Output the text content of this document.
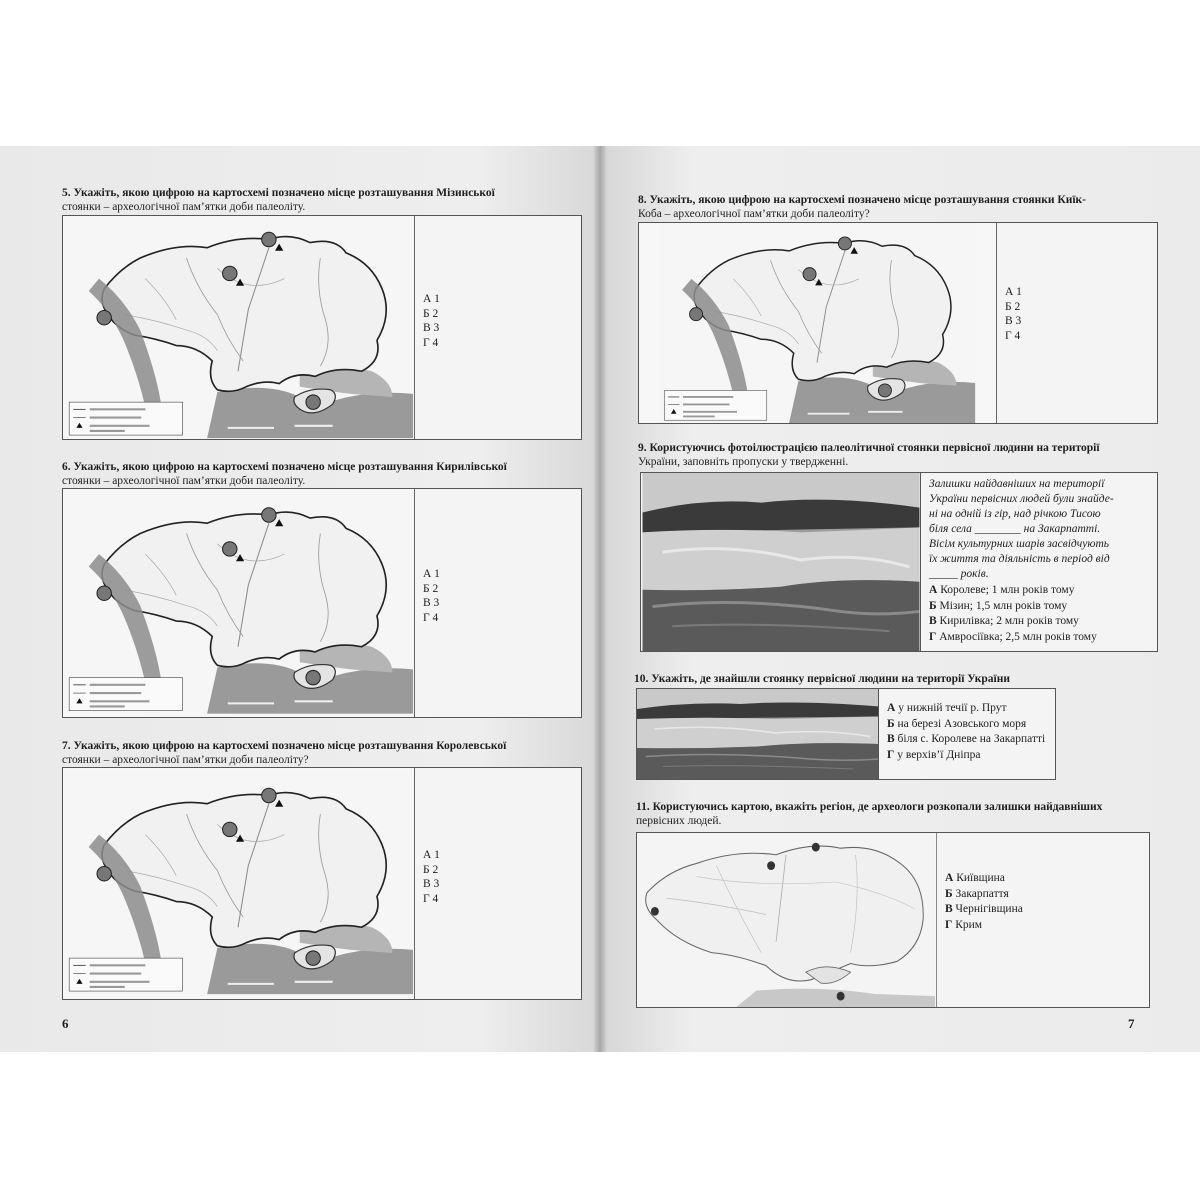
5. Укажіть, якою цифрою на картосхемі позначено місце розташування Мізинської
стоянки – археологічної пам’ятки доби палеоліту.
А 1
Б 2
В 3
Г 4
6. Укажіть, якою цифрою на картосхемі позначено місце розташування Кирилівської
стоянки – археологічної пам’ятки доби палеоліту.
А 1
Б 2
В 3
Г 4
7. Укажіть, якою цифрою на картосхемі позначено місце розташування Королевської
стоянки – археологічної пам’ятки доби палеоліту?
А 1
Б 2
В 3
Г 4
6
8. Укажіть, якою цифрою на картосхемі позначено місце розташування стоянки Киїк-
Коба – археологічної пам’ятки доби палеоліту?
А 1
Б 2
В 3
Г 4
9. Користуючись фотоілюстрацією палеолітичної стоянки первісної людини на території
України, заповніть пропуски у твердженні.
Залишки найдавніших на території
України первісних людей були знайде-
ні на одній із гір, над річкою Тисою
біля села ________ на Закарпатті.
Вісім культурних шарів засвідчують
їх життя та діяльність в період від
_____ років.
А Королеве; 1 млн років тому
Б Мізин; 1,5 млн років тому
В Кирилівка; 2 млн років тому
Г Амвросіївка; 2,5 млн років тому
10. Укажіть, де знайшли стоянку первісної людини на території України
А у нижній течії р. Прут
Б на березі Азовського моря
В біля с. Королеве на Закарпатті
Г у верхів’ї Дніпра
11. Користуючись картою, вкажіть регіон, де археологи розкопали залишки найдавніших
первісних людей.
А Київщина
Б Закарпаття
В Чернігівщина
Г Крим
7
